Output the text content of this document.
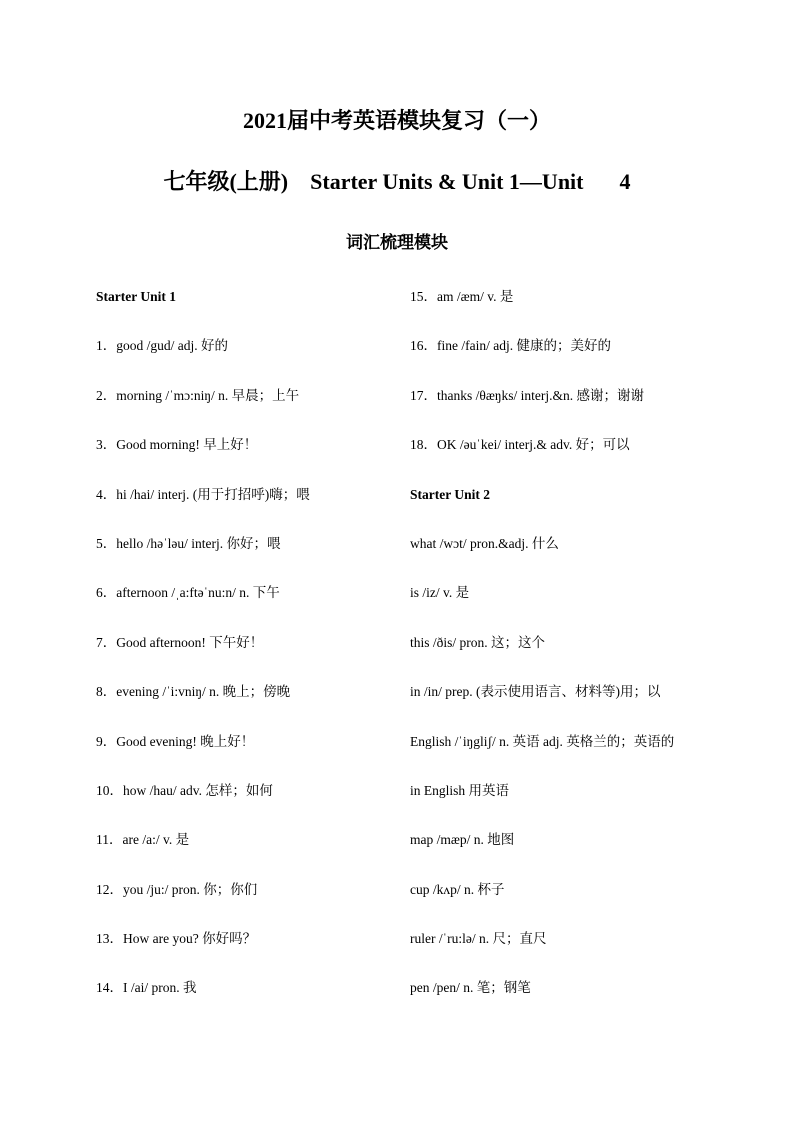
2021届中考英语模块复习（一）
七年级(上册) Starter Units & Unit 1—Unit 4
词汇梳理模块
Starter Unit 1
1．good /gud/ adj. 好的
2．morning /ˈmɔ:niŋ/ n. 早晨；上午
3．Good morning! 早上好！
4．hi /hai/ interj. (用于打招呼)嗨；喂
5．hello /həˈləu/ interj. 你好；喂
6．afternoon /ˌa:ftəˈnu:n/ n. 下午
7．Good afternoon! 下午好！
8．evening /ˈi:vniŋ/ n. 晚上；傍晚
9．Good evening! 晚上好！
10．how /hau/ adv. 怎样；如何
11．are /a:/ v. 是
12．you /ju:/ pron. 你；你们
13．How are you? 你好吗？
14．I /ai/ pron. 我
15．am /æm/ v. 是
16．fine /fain/ adj. 健康的；美好的
17．thanks /θæŋks/ interj.&n. 感谢；谢谢
18．OK /əuˈkei/ interj.& adv. 好；可以
Starter Unit 2
what /wɔt/ pron.&adj. 什么
is /iz/ v. 是
this /ðis/ pron. 这；这个
in /in/ prep. (表示使用语言、材料等)用；以
English /ˈiŋgliʃ/ n. 英语 adj. 英格兰的；英语的
in English 用英语
map /mæp/ n. 地图
cup /kʌp/ n. 杯子
ruler /ˈru:lə/ n. 尺；直尺
pen /pen/ n. 笔；钢笔
